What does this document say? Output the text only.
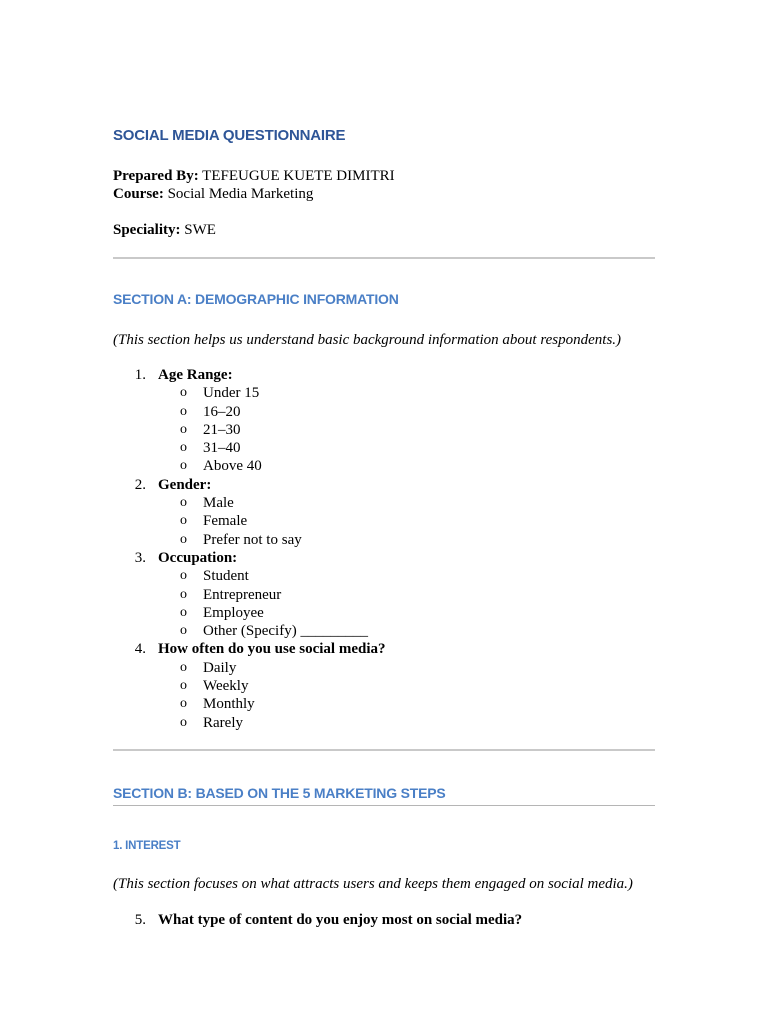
SOCIAL MEDIA QUESTIONNAIRE
Prepared By: TEFEUGUE KUETE DIMITRI
Course: Social Media Marketing
Speciality: SWE
SECTION A: DEMOGRAPHIC INFORMATION
(This section helps us understand basic background information about respondents.)
1. Age Range:
o Under 15
o 16–20
o 21–30
o 31–40
o Above 40
2. Gender:
o Male
o Female
o Prefer not to say
3. Occupation:
o Student
o Entrepreneur
o Employee
o Other (Specify) _________
4. How often do you use social media?
o Daily
o Weekly
o Monthly
o Rarely
SECTION B: BASED ON THE 5 MARKETING STEPS
1. INTEREST
(This section focuses on what attracts users and keeps them engaged on social media.)
5. What type of content do you enjoy most on social media?
